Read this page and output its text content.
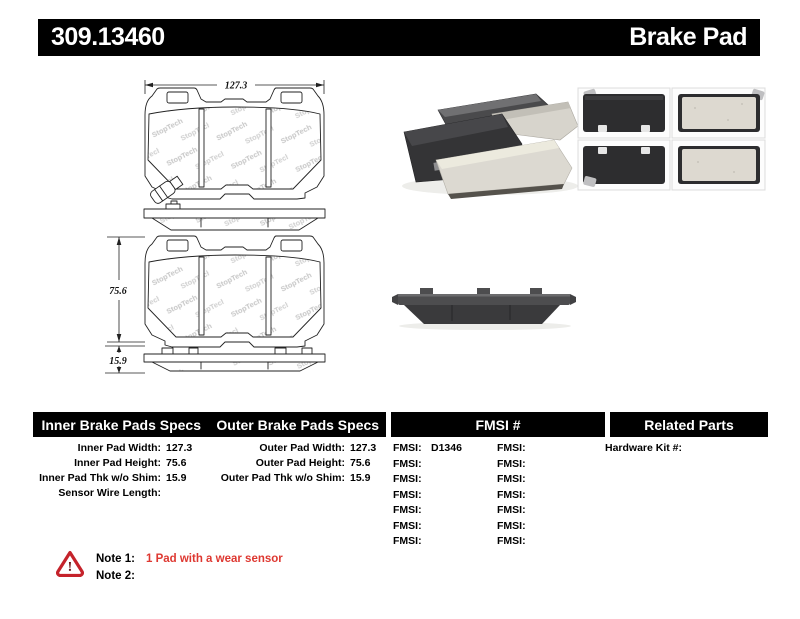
309.13460	Brake Pad
127.3
75.6
15.9
Inner Brake Pads Specs	Outer Brake Pads Specs	FMSI #	Related Parts
Inner Pad Width: 127.3
Inner Pad Height: 75.6
Inner Pad Thk w/o Shim: 15.9
Sensor Wire Length:
Outer Pad Width: 127.3
Outer Pad Height: 75.6
Outer Pad Thk w/o Shim: 15.9
FMSI: D1346
FMSI:
FMSI:
FMSI:
FMSI:
FMSI:
FMSI:
FMSI:
FMSI:
FMSI:
FMSI:
FMSI:
FMSI:
FMSI:
Hardware Kit #:
!
Note 1: 1 Pad with a wear sensor
Note 2:
